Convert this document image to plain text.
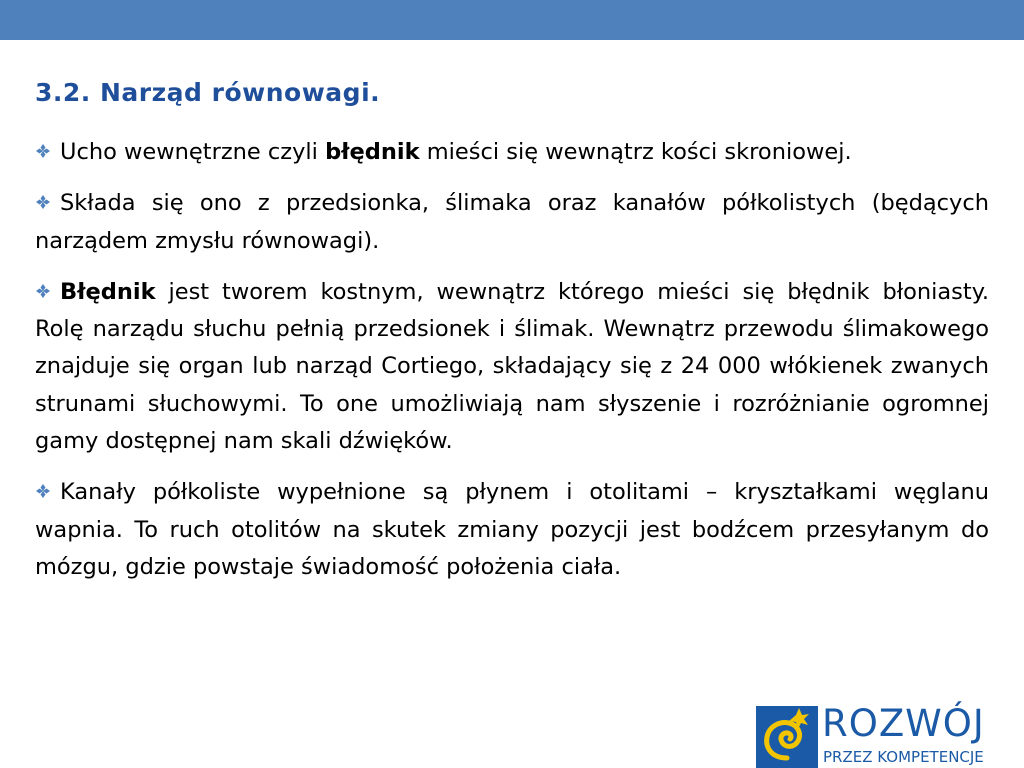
3.2. Narząd równowagi.

Ucho wewnętrzne czyli błędnik mieści się wewnątrz kości skroniowej.

Składa się ono z przedsionka, ślimaka oraz kanałów półkolistych (będących narządem zmysłu równowagi).

Błędnik jest tworem kostnym, wewnątrz którego mieści się błędnik błoniasty. Rolę narządu słuchu pełnią przedsionek i ślimak. Wewnątrz przewodu ślimakowego znajduje się organ lub narząd Cortiego, składający się z 24 000 włókienek zwanych strunami słuchowymi. To one umożliwiają nam słyszenie i rozróżnianie ogromnej gamy dostępnej nam skali dźwięków.

Kanały półkoliste wypełnione są płynem i otolitami – kryształkami węglanu wapnia. To ruch otolitów na skutek zmiany pozycji jest bodźcem przesyłanym do mózgu, gdzie powstaje świadomość położenia ciała.

ROZWÓJ
PRZEZ KOMPETENCJE
